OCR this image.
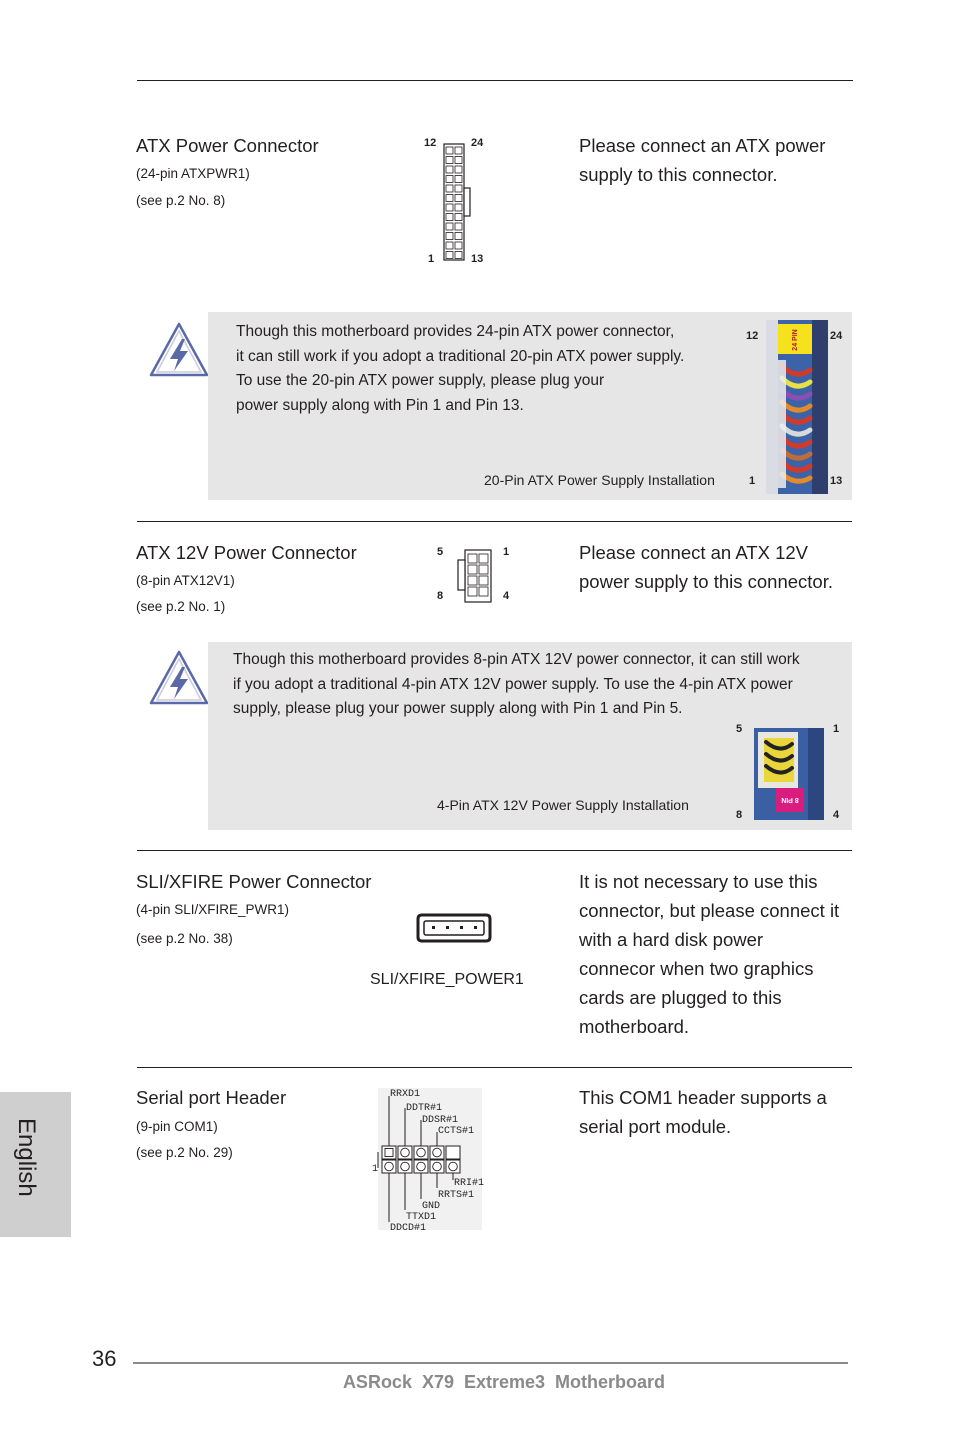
ATX Power Connector
(24-pin ATXPWR1)
(see p.2 No. 8)
12	24
1	13
Please connect an ATX power
supply to this connector.
Though this motherboard provides 24-pin ATX power connector,
it can still work if you adopt a traditional 20-pin ATX power supply.
To use the 20-pin ATX power supply, please plug your
power supply along with Pin 1 and Pin 13.
20-Pin ATX Power Supply Installation
12	24
1	13
24 PIN
ATX 12V Power Connector
(8-pin ATX12V1)
(see p.2 No. 1)
5	1
8	4
Please connect an ATX 12V
power supply to this connector.
Though this motherboard provides 8-pin ATX 12V power connector, it can still work
if you adopt a traditional 4-pin ATX 12V power supply. To use the 4-pin ATX power
supply, please plug your power supply along with Pin 1 and Pin 5.
4-Pin ATX 12V Power Supply Installation
5	1
8	4
8 PIN
SLI/XFIRE Power Connector
(4-pin SLI/XFIRE_PWR1)
(see p.2 No. 38)
SLI/XFIRE_POWER1
It is not necessary to use this
connector, but please connect it
with a hard disk power
connecor when two graphics
cards are plugged to this
motherboard.
Serial port Header
(9-pin COM1)
(see p.2 No. 29)
1
RRXD1
DDTR#1
DDSR#1
CCTS#1
RRI#1
RRTS#1
GND
TTXD1
DDCD#1
This COM1 header supports a
serial port module.
English
36
ASRock  X79  Extreme3  Motherboard
